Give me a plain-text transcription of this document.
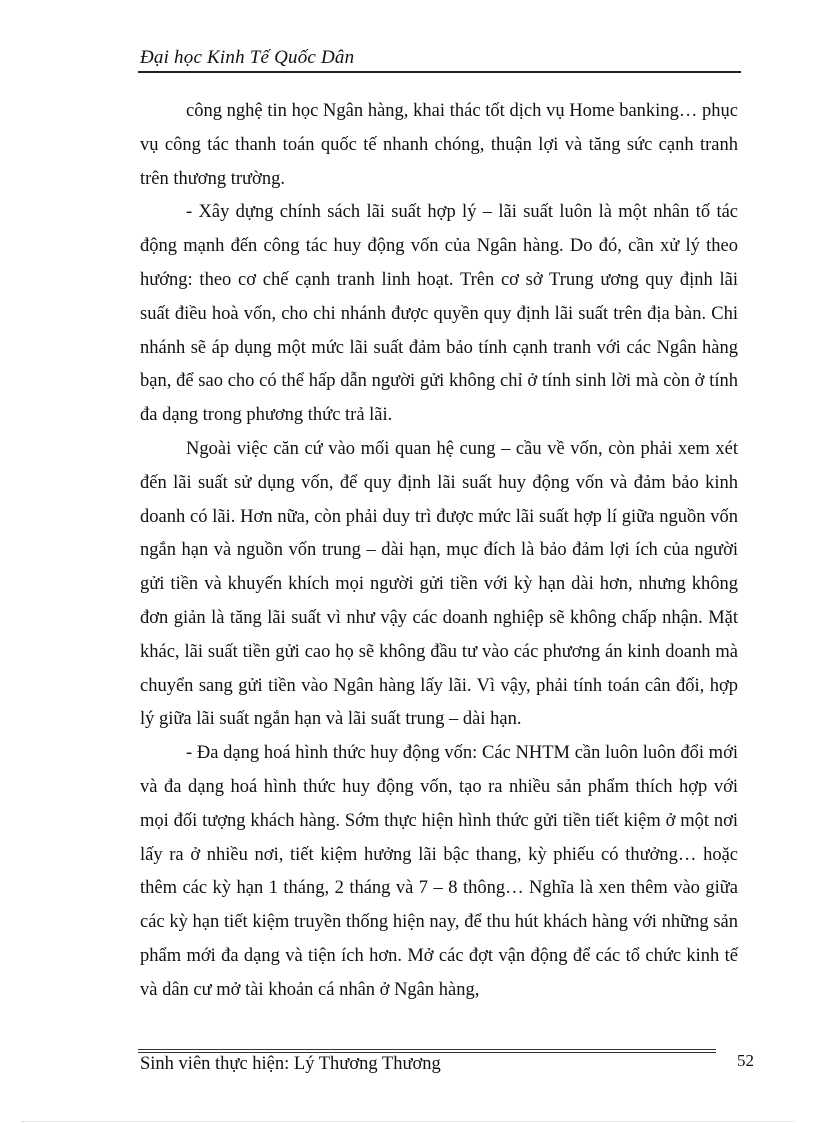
Đại học Kinh Tế Quốc Dân

công nghệ tin học Ngân hàng, khai thác tốt dịch vụ Home banking… phục vụ công tác thanh toán quốc tế nhanh chóng, thuận lợi và tăng sức cạnh tranh trên thương trường.

- Xây dựng chính sách lãi suất hợp lý – lãi suất luôn là một nhân tố tác động mạnh đến công tác huy động vốn của Ngân hàng. Do đó, cần xử lý theo hướng: theo cơ chế cạnh tranh linh hoạt. Trên cơ sở Trung ương quy định lãi suất điều hoà vốn, cho chi nhánh được quyền quy định lãi suất trên địa bàn. Chi nhánh sẽ áp dụng một mức lãi suất đảm bảo tính cạnh tranh với các Ngân hàng bạn, để sao cho có thể hấp dẫn người gửi không chỉ ở tính sinh lời mà còn ở tính đa dạng trong phương thức trả lãi.

Ngoài việc căn cứ vào mối quan hệ cung – cầu về vốn, còn phải xem xét đến lãi suất sử dụng vốn, để quy định lãi suất huy động vốn và đảm bảo kinh doanh có lãi. Hơn nữa, còn phải duy trì được mức lãi suất hợp lí giữa nguồn vốn ngắn hạn và nguồn vốn trung – dài hạn, mục đích là bảo đảm lợi ích của người gửi tiền và khuyến khích mọi người gửi tiền với kỳ hạn dài hơn, nhưng không đơn giản là tăng lãi suất vì như vậy các doanh nghiệp sẽ không chấp nhận. Mặt khác, lãi suất tiền gửi cao họ sẽ không đầu tư vào các phương án kinh doanh mà chuyển sang gửi tiền vào Ngân hàng lấy lãi. Vì vậy, phải tính toán cân đối, hợp lý giữa lãi suất ngắn hạn và lãi suất trung – dài hạn.

- Đa dạng hoá hình thức huy động vốn: Các NHTM cần luôn luôn đổi mới và đa dạng hoá hình thức huy động vốn, tạo ra nhiều sản phẩm thích hợp với mọi đối tượng khách hàng. Sớm thực hiện hình thức gửi tiền tiết kiệm ở một nơi lấy ra ở nhiều nơi, tiết kiệm hưởng lãi bậc thang, kỳ phiếu có thưởng… hoặc thêm các kỳ hạn 1 tháng, 2 tháng và 7 – 8 thông… Nghĩa là xen thêm vào giữa các kỳ hạn tiết kiệm truyền thống hiện nay, để thu hút khách hàng với những sản phẩm mới đa dạng và tiện ích hơn. Mở các đợt vận động để các tổ chức kinh tế và dân cư mở tài khoản cá nhân ở Ngân hàng,

Sinh viên thực hiện: Lý Thương Thương	52
